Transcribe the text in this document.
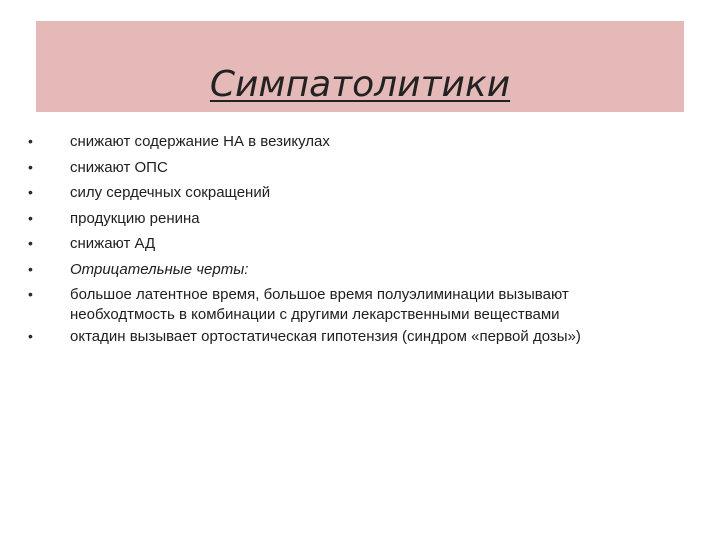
Симпатолитики
•	снижают содержание НА в везикулах
•	снижают ОПС
•	силу сердечных сокращений
•	продукцию ренина
•	снижают АД
•	Отрицательные черты:
•	большое латентное время, большое время полуэлиминации вызывают необходтмость в комбинации с другими лекарственными веществами
•	октадин вызывает ортостатическая гипотензия (синдром «первой дозы»)
